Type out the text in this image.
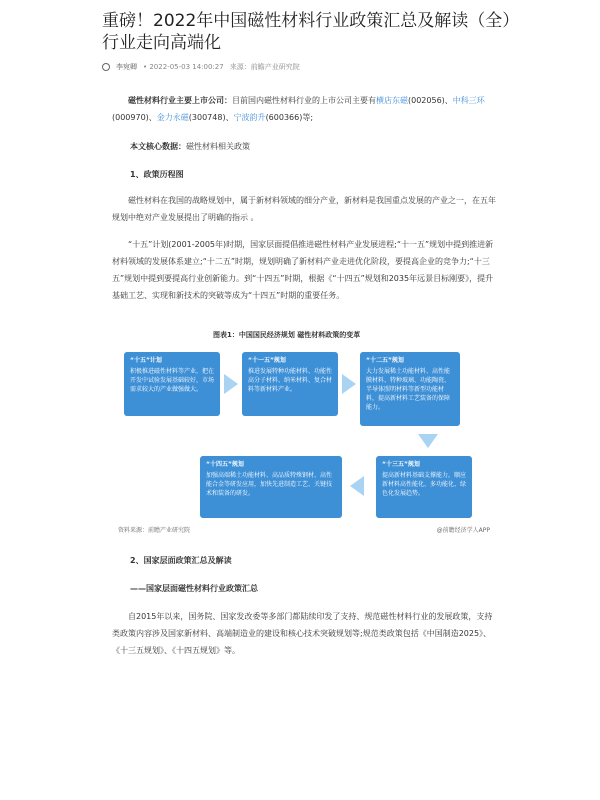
重磅！2022年中国磁性材料行业政策汇总及解读（全）行业走向高端化
李宛卿 • 2022-05-03 14:00:27 来源：前瞻产业研究院
磁性材料行业主要上市公司：目前国内磁性材料行业的上市公司主要有横店东磁(002056)、中科三环(000970)、金力永磁(300748)、宁波韵升(600366)等;
本文核心数据：磁性材料相关政策
1、政策历程图
磁性材料在我国的战略规划中，属于新材料领域的细分产业，新材料是我国重点发展的产业之一，在五年规划中绝对产业发展提出了明确的指示 。
“十五”计划(2001-2005年)时期，国家层面提倡推进磁性材料产业发展进程;“十一五”规划中提到推进新材料领域的发展体系建立;“十二五”时期，规划明确了新材料产业走进优化阶段，要提高企业的竞争力;“十三五”规划中提到要提高行业创新能力。到“十四五”时期，根据《“十四五”规划和2035年远景目标刚要》，提升基础工艺、实现和新技术的突破等成为“十四五”时期的重要任务。
图表1：中国国民经济规划 磁性材料政策的变革
“十五”计划
积极推进磁性材料等产业，把在开发中试验发展基础较好，市场需求较大的产业做强做大。
“十一五”规划
推进发展特种功能材料、功能性高分子材料、纳米材料、复合材料等新材料产业。
“十二五”规划
大力发展稀土功能材料、高性能膜材料、特种玻璃、功能陶瓷、半导体照明材料等新型功能材料，提高新材料工艺装备的保障能力。
“十三五”规划
提高新材料基础支撑能力，顺应新材料高性能化、多功能化、绿色化发展趋势。
“十四五”规划
加强高端稀土功能材料、高品质特殊钢材、高性能合金等研发应用，加快先进制造工艺、关键技术和装备的研发。
资料来源：前瞻产业研究院	@前瞻经济学人APP
2、国家层面政策汇总及解读
——国家层面磁性材料行业政策汇总
自2015年以来，国务院、国家发改委等多部门都陆续印发了支持、规范磁性材料行业的发展政策，支持类政策内容涉及国家新材料、高端制造业的建设和核心技术突破规划等;规范类政策包括《中国制造2025》、《十三五规划》、《十四五规划》等。
